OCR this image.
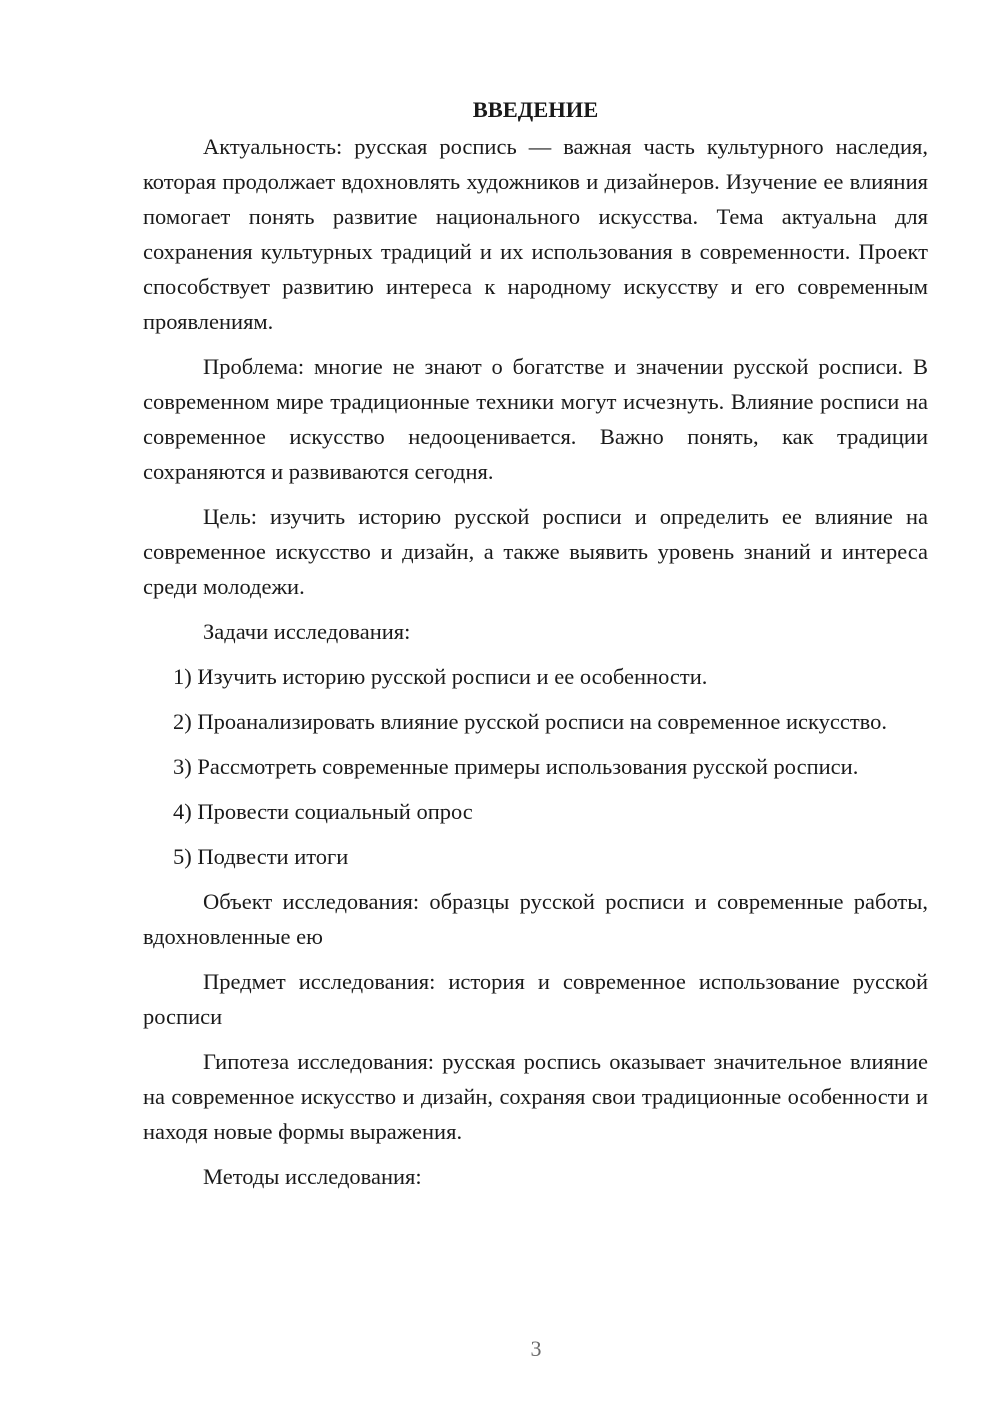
ВВЕДЕНИЕ

Актуальность: русская роспись — важная часть культурного наследия, которая продолжает вдохновлять художников и дизайнеров. Изучение ее влияния помогает понять развитие национального искусства. Тема актуальна для сохранения культурных традиций и их использования в современности. Проект способствует развитию интереса к народному искусству и его современным проявлениям.

Проблема: многие не знают о богатстве и значении русской росписи. В современном мире традиционные техники могут исчезнуть. Влияние росписи на современное искусство недооценивается. Важно понять, как традиции сохраняются и развиваются сегодня.

Цель: изучить историю русской росписи и определить ее влияние на современное искусство и дизайн, а также выявить уровень знаний и интереса среди молодежи.

Задачи исследования:

1) Изучить историю русской росписи и ее особенности.

2) Проанализировать влияние русской росписи на современное искусство.

3) Рассмотреть современные примеры использования русской росписи.

4) Провести социальный опрос

5) Подвести итоги

Объект исследования: образцы русской росписи и современные работы, вдохновленные ею

Предмет исследования: история и современное использование русской росписи

Гипотеза исследования: русская роспись оказывает значительное влияние на современное искусство и дизайн, сохраняя свои традиционные особенности и находя новые формы выражения.

Методы исследования:

3
